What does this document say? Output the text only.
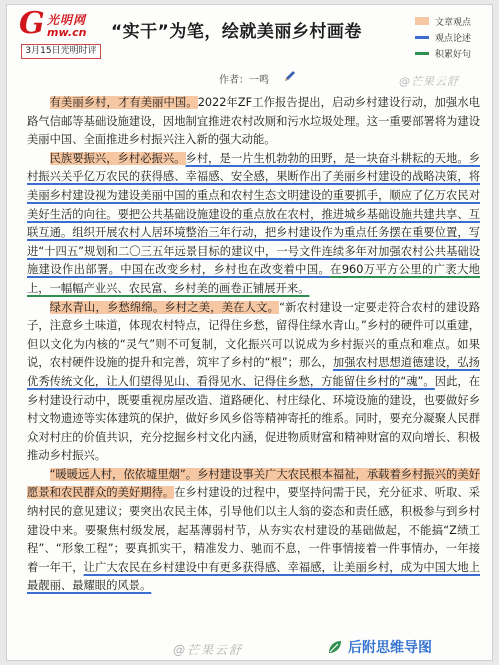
G 光明网
mw.cn “实干”为笔，绘就美丽乡村画卷
3月15日光明时评
文章观点
观点论述
积累好句
作者：一鸣	@芒果云舒

有美丽乡村，才有美丽中国。2022年ZF工作报告提出，启动乡村建设行动，加强水电路气信邮等基础设施建设，因地制宜推进农村改厕和污水垃圾处理。这一重要部署将为建设美丽中国、全面推进乡村振兴注入新的强大动能。

民族要振兴，乡村必振兴。乡村，是一片生机勃勃的田野，是一块奋斗耕耘的天地。乡村振兴关乎亿万农民的获得感、幸福感、安全感，果断作出了美丽乡村建设的战略决策，将美丽乡村建设视为建设美丽中国的重点和农村生态文明建设的重要抓手，顺应了亿万农民对美好生活的向往。要把公共基础设施建设的重点放在农村，推进城乡基础设施共建共享、互联互通。组织开展农村人居环境整治三年行动，把乡村建设作为重点任务摆在重要位置，写进“十四五”规划和二〇三五年远景目标的建议中，一号文件连续多年对加强农村公共基础设施建设作出部署。中国在改变乡村，乡村也在改变着中国。在960万平方公里的广袤大地上，一幅幅产业兴、农民富、乡村美的画卷正铺展开来。

绿水青山，乡愁绵绵。乡村之美，美在人文。“新农村建设一定要走符合农村的建设路子，注意乡土味道，体现农村特点，记得住乡愁，留得住绿水青山。”乡村的硬件可以重建，但以文化为内核的“灵气”则不可复制，文化振兴可以说成为乡村振兴的重点和难点。如果说，农村硬件设施的提升和完善，筑牢了乡村的“根”；那么，加强农村思想道德建设，弘扬优秀传统文化，让人们望得见山、看得见水、记得住乡愁，方能留住乡村的“魂”。因此，在乡村建设行动中，既要重视房屋改造、道路硬化、村庄绿化、环境设施的建设，也要做好乡村文物遗迹等实体建筑的保护，做好乡风乡俗等精神寄托的维系。同时，要充分凝聚人民群众对村庄的价值共识，充分挖掘乡村文化内涵，促进物质财富和精神财富的双向增长、积极推动乡村振兴。

“暖暖远人村，依依墟里烟”。乡村建设事关广大农民根本福祉，承载着乡村振兴的美好愿景和农民群众的美好期待。在乡村建设的过程中，要坚持问需于民，充分征求、听取、采纳村民的意见建议；要突出农民主体，引导他们以主人翁的姿态和责任感，积极参与到乡村建设中来。要聚焦村级发展，起基薄弱村节，从夯实农村建设的基础做起，不能搞“Z绩工程”、“形象工程”；要真抓实干，精准发力、驰而不息，一件事情接着一件事情办，一年接着一年干，让广大农民在乡村建设中有更多获得感、幸福感，让美丽乡村，成为中国大地上最靓丽、最耀眼的风景。

@芒果云舒	后附思维导图
